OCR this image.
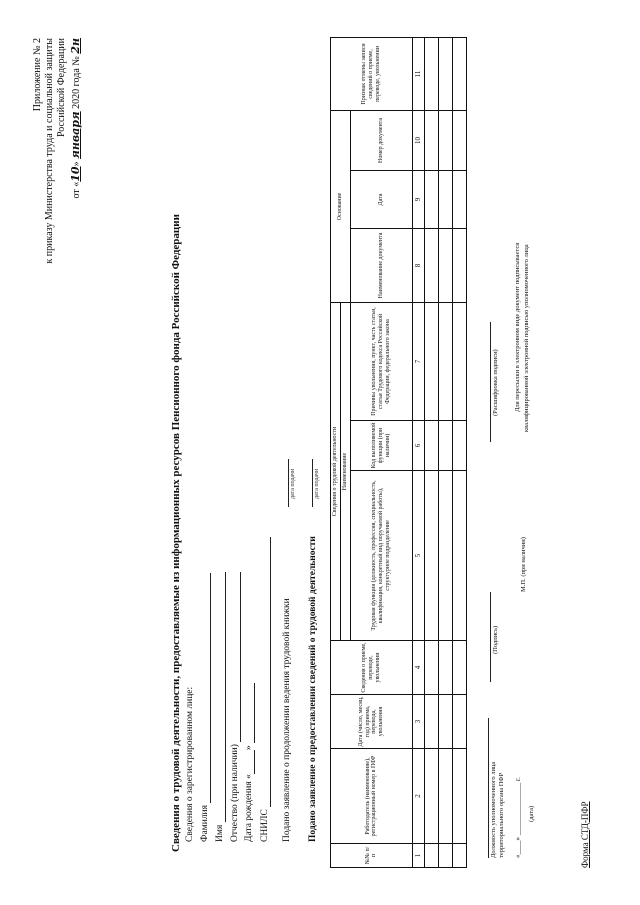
Приложение № 2 к приказу Министерства труда и социальной защиты Российской Федерации
от «10» января 2020 года № 2н
Сведения о трудовой деятельности, предоставляемые из информационных ресурсов Пенсионного фонда Российской Федерации Сведения о зарегистрированном лице: Фамилия Имя Отчество (при наличии) Дата рождения «»
СНИЛС Подано заявление о продолжении ведения трудовой книжки
дата подачи
Подано заявление о предоставлении сведений о трудовой деятельности
дата подачи
№№ п/п	Работодатель (наименование), регистрационный номер в ПФР	Дата (число, месяц, год) приема, перевода, увольнения	Сведения о приеме, переводе, увольнении	Сведения о трудовой деятельности			Основание			Признак отмены записи сведений о приеме, переводе, увольнении
				Наименование						
				Трудовая функция (должность, профессия, специальность, квалификация, конкретный вид поручаемой работы), структурное подразделение	Код выполняемой функции (при наличии)	Причины увольнения, пункт, часть статьи, статья Трудового кодекса Российской Федерации, федерального закона	Наименование документа	Дата	Номер документа	
1	2	3	4	5	6	7	8	9	10	11

Должность уполномоченного лица территориального органа ПФР
(Подпись)
(Расшифровка подписи)
«____» _______________ г. (дата)
М.П. (при наличии)
Для пересылки в электронном виде документ подписывается квалифицированной электронной подписью уполномоченного лица
Форма СТД-ПФР
